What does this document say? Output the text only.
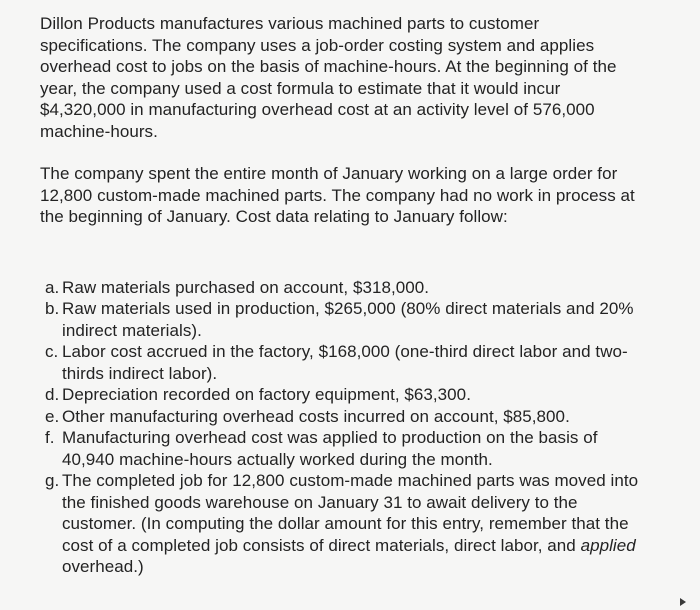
Dillon Products manufactures various machined parts to customer specifications. The company uses a job-order costing system and applies overhead cost to jobs on the basis of machine-hours. At the beginning of the year, the company used a cost formula to estimate that it would incur $4,320,000 in manufacturing overhead cost at an activity level of 576,000 machine-hours.

The company spent the entire month of January working on a large order for 12,800 custom-made machined parts. The company had no work in process at the beginning of January. Cost data relating to January follow:

a. Raw materials purchased on account, $318,000.
b. Raw materials used in production, $265,000 (80% direct materials and 20% indirect materials).
c. Labor cost accrued in the factory, $168,000 (one-third direct labor and two-thirds indirect labor).
d. Depreciation recorded on factory equipment, $63,300.
e. Other manufacturing overhead costs incurred on account, $85,800.
f. Manufacturing overhead cost was applied to production on the basis of 40,940 machine-hours actually worked during the month.
g. The completed job for 12,800 custom-made machined parts was moved into the finished goods warehouse on January 31 to await delivery to the customer. (In computing the dollar amount for this entry, remember that the cost of a completed job consists of direct materials, direct labor, and applied overhead.)
